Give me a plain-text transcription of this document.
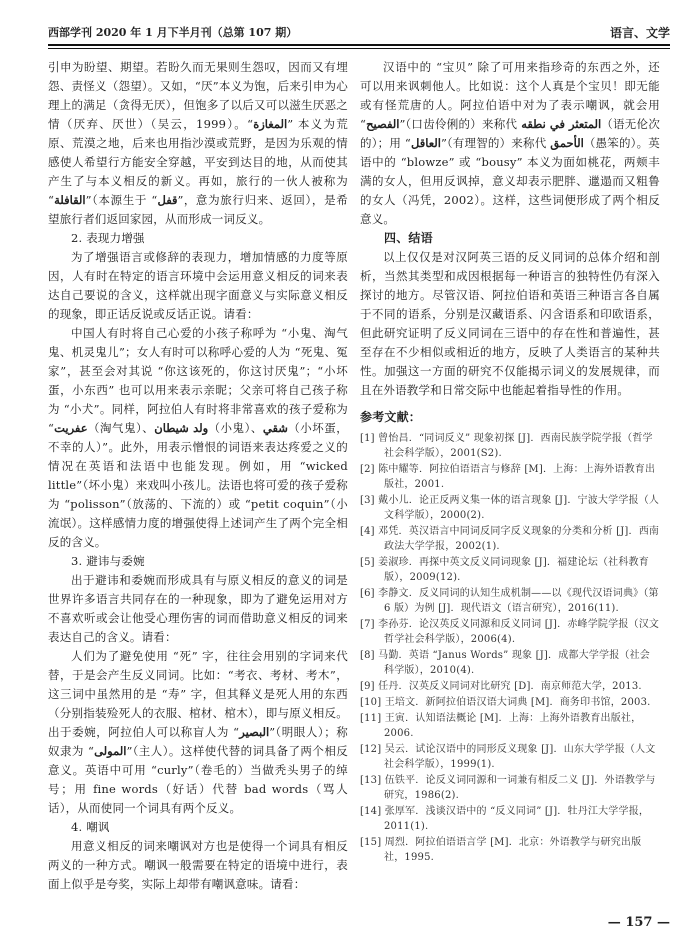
西部学刊 2020 年 1 月下半月刊（总第 107 期）	语言、文学

引申为盼望、期望。若盼久而无果则生怨叹，因而又有埋怨、责怪义（怨望）。又如，“厌”本义为饱，后来引申为心理上的满足（贪得无厌），但饱多了以后又可以滋生厌恶之情（厌弃、厌世）（吴云，1999）。“المغازة” 本义为荒原、荒漠之地，后来也用指沙漠或荒野，是因为乐观的情感使人希望行方能安全穿越，平安到达目的地，从而使其产生了与本义相反的新义。再如，旅行的一伙人被称为 “القافلة”（本源生于 “قفل”，意为旅行归来、返回），是希望旅行者们返回家园，从而形成一词反义。

2. 表现力增强

为了增强语言或修辞的表现力，增加情感的力度等原因，人有时在特定的语言环境中会运用意义相反的词来表达自己要说的含义，这样就出现字面意义与实际意义相反的现象，即正话反说或反话正说。请看：

中国人有时将自己心爱的小孩子称呼为 “小鬼、淘气鬼、机灵鬼儿”；女人有时可以称呼心爱的人为 “死鬼、冤家”，甚至会对其说 “你这该死的，你这讨厌鬼”；“小坏蛋，小东西” 也可以用来表示亲昵；父亲可将自己孩子称为 “小犬”。同样，阿拉伯人有时将非常喜欢的孩子爱称为 “عفريت（淘气鬼）、ولد شيطان（小鬼）、شقي（小坏蛋，不幸的人）”。此外，用表示憎恨的词语来表达疼爱之义的情况在英语和法语中也能发现。例如，用 “wicked little”（坏小鬼）来戏叫小孩儿。法语也将可爱的孩子爱称为 “polisson”（放荡的、下流的）或 “petit coquin”（小流氓）。这样感情力度的增强使得上述词产生了两个完全相反的含义。

3. 避讳与委婉

出于避讳和委婉而形成具有与原义相反的意义的词是世界许多语言共同存在的一种现象，即为了避免运用对方不喜欢听或会让他受心理伤害的词而借助意义相反的词来表达自己的含义。请看：

人们为了避免使用 “死” 字，往往会用别的字词来代替，于是会产生反义同词。比如：“考衣、考材、考木”，这三词中虽然用的是 “寿” 字，但其释义是死人用的东西（分别指装殓死人的衣服、棺材、棺木），即与原义相反。出于委婉，阿拉伯人可以称盲人为 “البصير”（明眼人）；称奴隶为 “المولى”（主人）。这样使代替的词具备了两个相反意义。英语中可用 “curly”（卷毛的）当做秃头男子的绰号；用 fine words（好话）代替 bad words（骂人话），从而使同一个词具有两个反义。

4. 嘲讽

用意义相反的词来嘲讽对方也是使得一个词具有相反两义的一种方式。嘲讽一般需要在特定的语境中进行，表面上似乎是夸奖，实际上却带有嘲讽意味。请看：

汉语中的 “宝贝” 除了可用来指珍奇的东西之外，还可以用来讽刺他人。比如说：这个人真是个宝贝！即无能或有怪荒唐的人。阿拉伯语中对为了表示嘲讽，就会用 “الفصيح”（口齿伶俐的）来称代 المتعثر في نطقه（语无伦次的）；用 “العاقل”（有理智的）来称代 الأحمق（愚笨的）。英语中的 “blowze” 或 “bousy” 本义为面如桃花，两颊丰满的女人，但用反讽掉，意义却表示肥胖、邋遢而又粗鲁的女人（冯凭，2002）。这样，这些词便形成了两个相反意义。

四、结语

以上仅仅是对汉阿英三语的反义同词的总体介绍和剖析，当然其类型和成因根据每一种语言的独特性仍有深入探讨的地方。尽管汉语、阿拉伯语和英语三种语言各自属于不同的语系，分别是汉藏语系、闪含语系和印欧语系，但此研究证明了反义同词在三语中的存在性和普遍性，甚至存在不少相似或相近的地方，反映了人类语言的某种共性。加强这一方面的研究不仅能揭示词义的发展规律，而且在外语教学和日常交际中也能起着指导性的作用。

参考文献：
[1] 曾怡昌．“同词反义” 现象初探 [J]．西南民族学院学报（哲学社会科学版），2001(S2).
[2] 陈中耀等．阿拉伯语语言与修辞 [M]．上海：上海外语教育出版社，2001.
[3] 戴小儿．论正反两义集一体的语言现象 [J]．宁波大学学报（人文科学版），2000(2).
[4] 邓凭．英汉语言中同词反同字反义现象的分类和分析 [J]．西南政法大学学报，2002(1).
[5] 姜淑珍．再探中英文反义同词现象 [J]．福建论坛（社科教育版），2009(12).
[6] 李静文．反义同词的认知生成机制——以《现代汉语词典》（第 6 版）为例 [J]．现代语文（语言研究），2016(11).
[7] 李孙芬．论汉英反义同源和反义同词 [J]．赤峰学院学报（汉文哲学社会科学版），2006(4).
[8] 马勤．英语 “Janus Words” 现象 [J]．成都大学学报（社会科学版），2010(4).
[9] 任丹．汉英反义同词对比研究 [D]．南京师范大学，2013.
[10] 王培文．新阿拉伯语汉语大词典 [M]．商务印书馆，2003.
[11] 王寅．认知语法概论 [M]．上海：上海外语教育出版社，2006.
[12] 吴云．试论汉语中的同形反义现象 [J]．山东大学学报（人文社会科学版），1999(1).
[13] 伍铁平．论反义词同源和一词兼有相反二义 [J]．外语教学与研究，1986(2).
[14] 张厚军．浅谈汉语中的 “反义同词” [J]．牡丹江大学学报，2011(1).
[15] 周烈．阿拉伯语语言学 [M]．北京：外语教学与研究出版社，1995.
— 157 —
